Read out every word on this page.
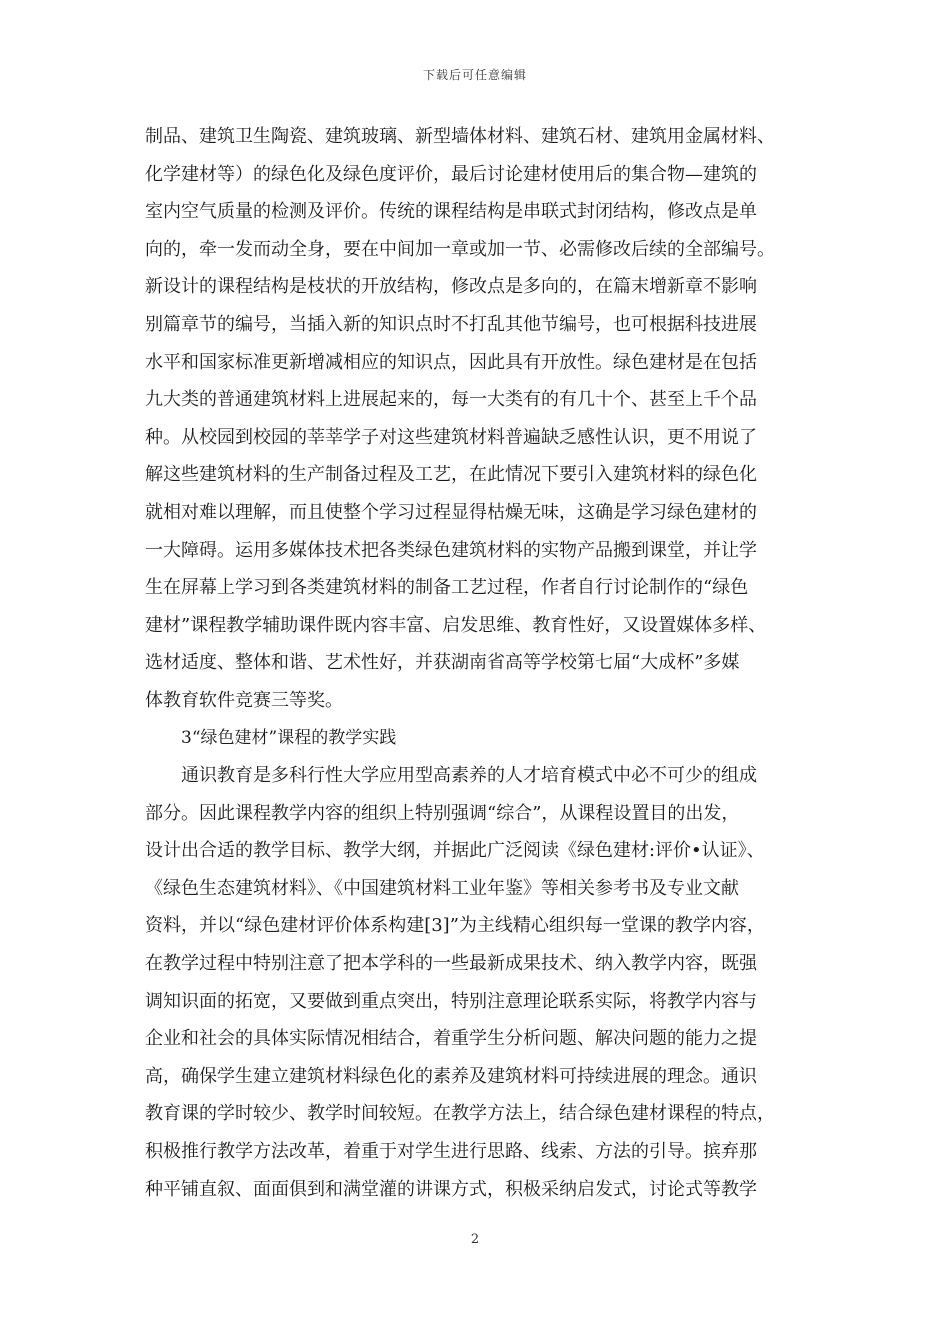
下载后可任意编辑
制品、建筑卫生陶瓷、建筑玻璃、新型墙体材料、建筑石材、建筑用金属材料、
化学建材等）的绿色化及绿色度评价，最后讨论建材使用后的集合物—建筑的
室内空气质量的检测及评价。传统的课程结构是串联式封闭结构，修改点是单
向的，牵一发而动全身，要在中间加一章或加一节、必需修改后续的全部编号。
新设计的课程结构是枝状的开放结构，修改点是多向的，在篇末增新章不影响
别篇章节的编号，当插入新的知识点时不打乱其他节编号，也可根据科技进展
水平和国家标准更新增减相应的知识点，因此具有开放性。绿色建材是在包括
九大类的普通建筑材料上进展起来的，每一大类有的有几十个、甚至上千个品
种。从校园到校园的莘莘学子对这些建筑材料普遍缺乏感性认识，更不用说了
解这些建筑材料的生产制备过程及工艺，在此情况下要引入建筑材料的绿色化
就相对难以理解，而且使整个学习过程显得枯燥无味，这确是学习绿色建材的
一大障碍。运用多媒体技术把各类绿色建筑材料的实物产品搬到课堂，并让学
生在屏幕上学习到各类建筑材料的制备工艺过程，作者自行讨论制作的“绿色
建材”课程教学辅助课件既内容丰富、启发思维、教育性好，又设置媒体多样、
选材适度、整体和谐、艺术性好，并获湖南省高等学校第七届“大成杯”多媒
体教育软件竞赛三等奖。
3“绿色建材”课程的教学实践
通识教育是多科行性大学应用型高素养的人才培育模式中必不可少的组成
部分。因此课程教学内容的组织上特别强调“综合”，从课程设置目的出发，
设计出合适的教学目标、教学大纲，并据此广泛阅读《绿色建材:评价•认证》、
《绿色生态建筑材料》、《中国建筑材料工业年鉴》等相关参考书及专业文献
资料，并以“绿色建材评价体系构建[3]”为主线精心组织每一堂课的教学内容，
在教学过程中特别注意了把本学科的一些最新成果技术、纳入教学内容，既强
调知识面的拓宽，又要做到重点突出，特别注意理论联系实际，将教学内容与
企业和社会的具体实际情况相结合，着重学生分析问题、解决问题的能力之提
高，确保学生建立建筑材料绿色化的素养及建筑材料可持续进展的理念。通识
教育课的学时较少、教学时间较短。在教学方法上，结合绿色建材课程的特点，
积极推行教学方法改革，着重于对学生进行思路、线索、方法的引导。摈弃那
种平铺直叙、面面俱到和满堂灌的讲课方式，积极采纳启发式，讨论式等教学
2
